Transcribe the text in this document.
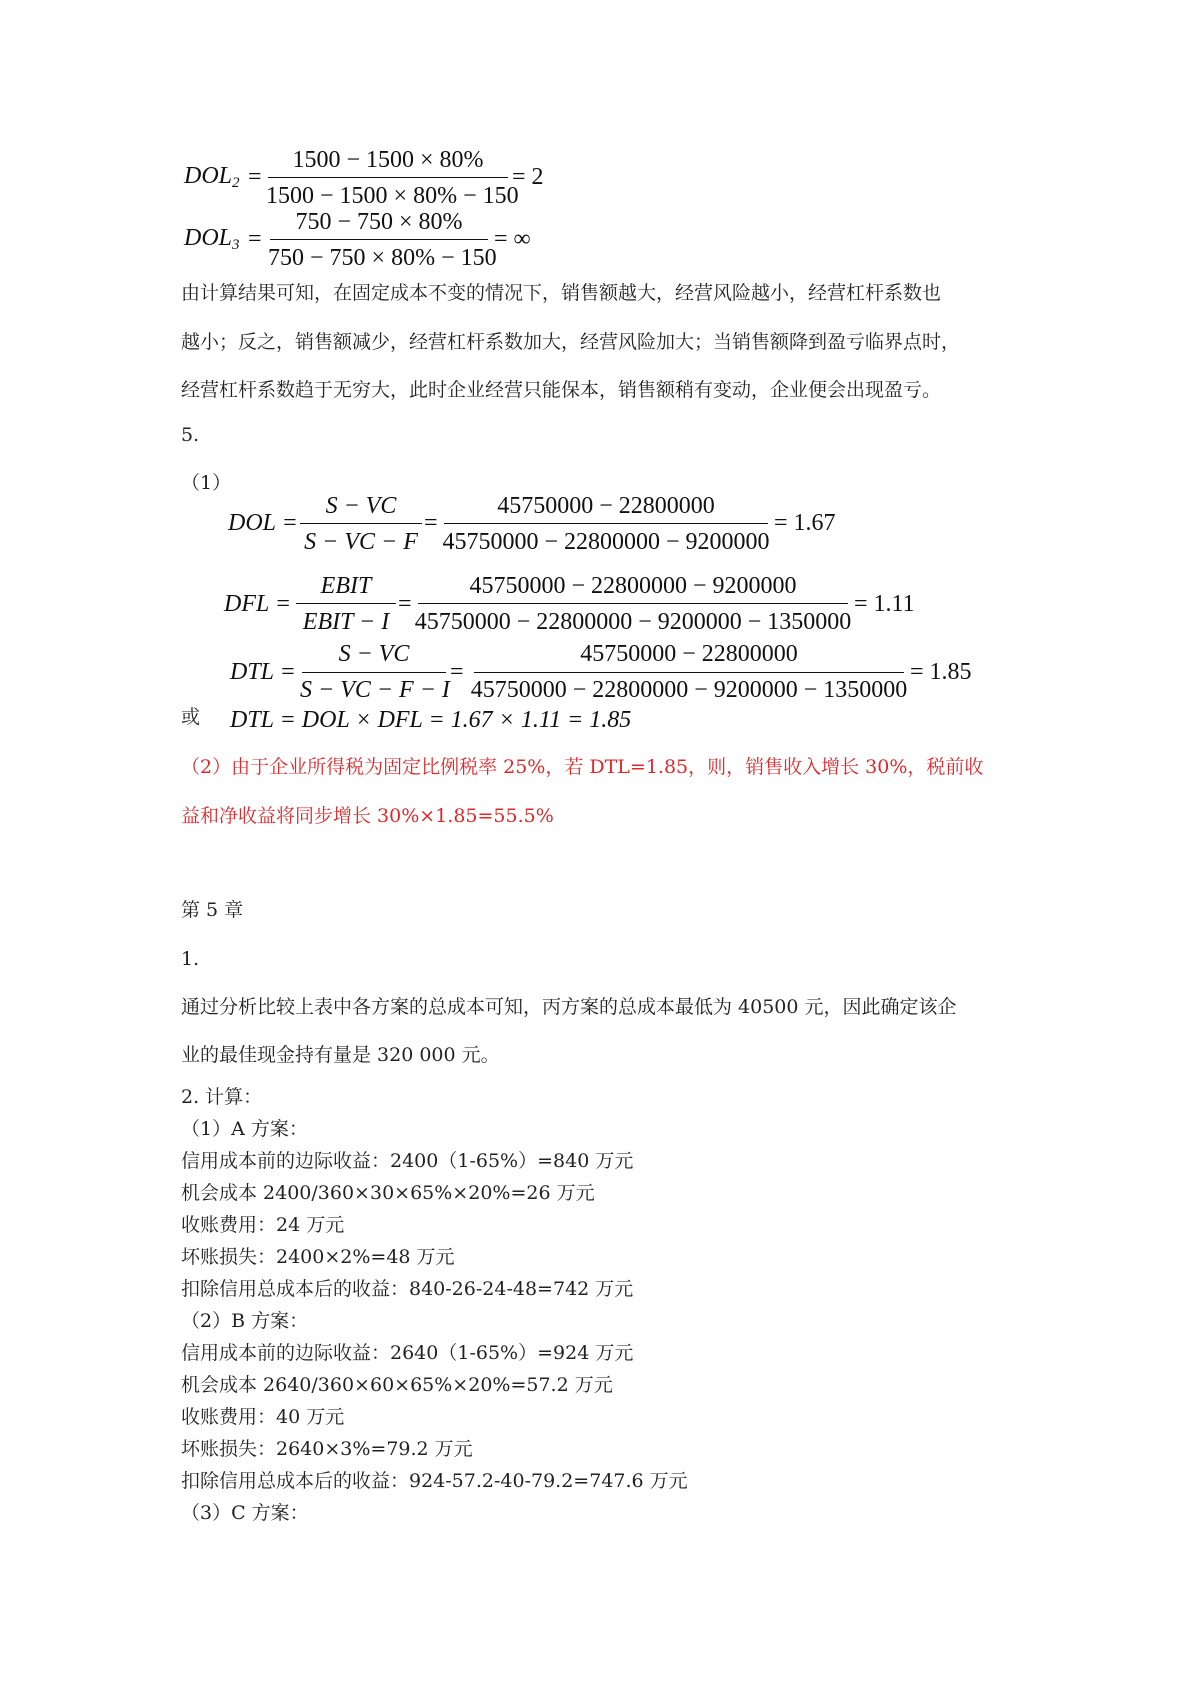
$DOL_2$ =
1500 − 1500 × 80%
1500 − 1500 × 80% − 150
= 2
$DOL_3$ =
750 − 750 × 80%
750 − 750 × 80% − 150
= ∞
由计算结果可知，在固定成本不变的情况下，销售额越大，经营风险越小，经营杠杆系数也
越小；反之，销售额减少，经营杠杆系数加大，经营风险加大；当销售额降到盈亏临界点时，
经营杠杆系数趋于无穷大，此时企业经营只能保本，销售额稍有变动，企业便会出现盈亏。
5.
（1）
DOL =
S − VC
S − VC − F
=
45750000 − 22800000
45750000 − 22800000 − 9200000
= 1.67
DFL =
EBIT
EBIT − I
=
45750000 − 22800000 − 9200000
45750000 − 22800000 − 9200000 − 1350000
= 1.11
DTL =
S − VC
S − VC − F − I
=
45750000 − 22800000
45750000 − 22800000 − 9200000 − 1350000
= 1.85
或 DTL = DOL × DFL = 1.67 × 1.11 = 1.85
（2）由于企业所得税为固定比例税率 25%，若 DTL=1.85，则，销售收入增长 30%，税前收
益和净收益将同步增长 30%×1.85=55.5%
第 5 章
1.
通过分析比较上表中各方案的总成本可知，丙方案的总成本最低为 40500 元，因此确定该企
业的最佳现金持有量是 320 000 元。
2. 计算：
（1）A 方案：
信用成本前的边际收益：2400（1-65%）=840 万元
机会成本 2400/360×30×65%×20%=26 万元
收账费用：24 万元
坏账损失：2400×2%=48 万元
扣除信用总成本后的收益：840-26-24-48=742 万元
（2）B 方案：
信用成本前的边际收益：2640（1-65%）=924 万元
机会成本 2640/360×60×65%×20%=57.2 万元
收账费用：40 万元
坏账损失：2640×3%=79.2 万元
扣除信用总成本后的收益：924-57.2-40-79.2=747.6 万元
（3）C 方案：
